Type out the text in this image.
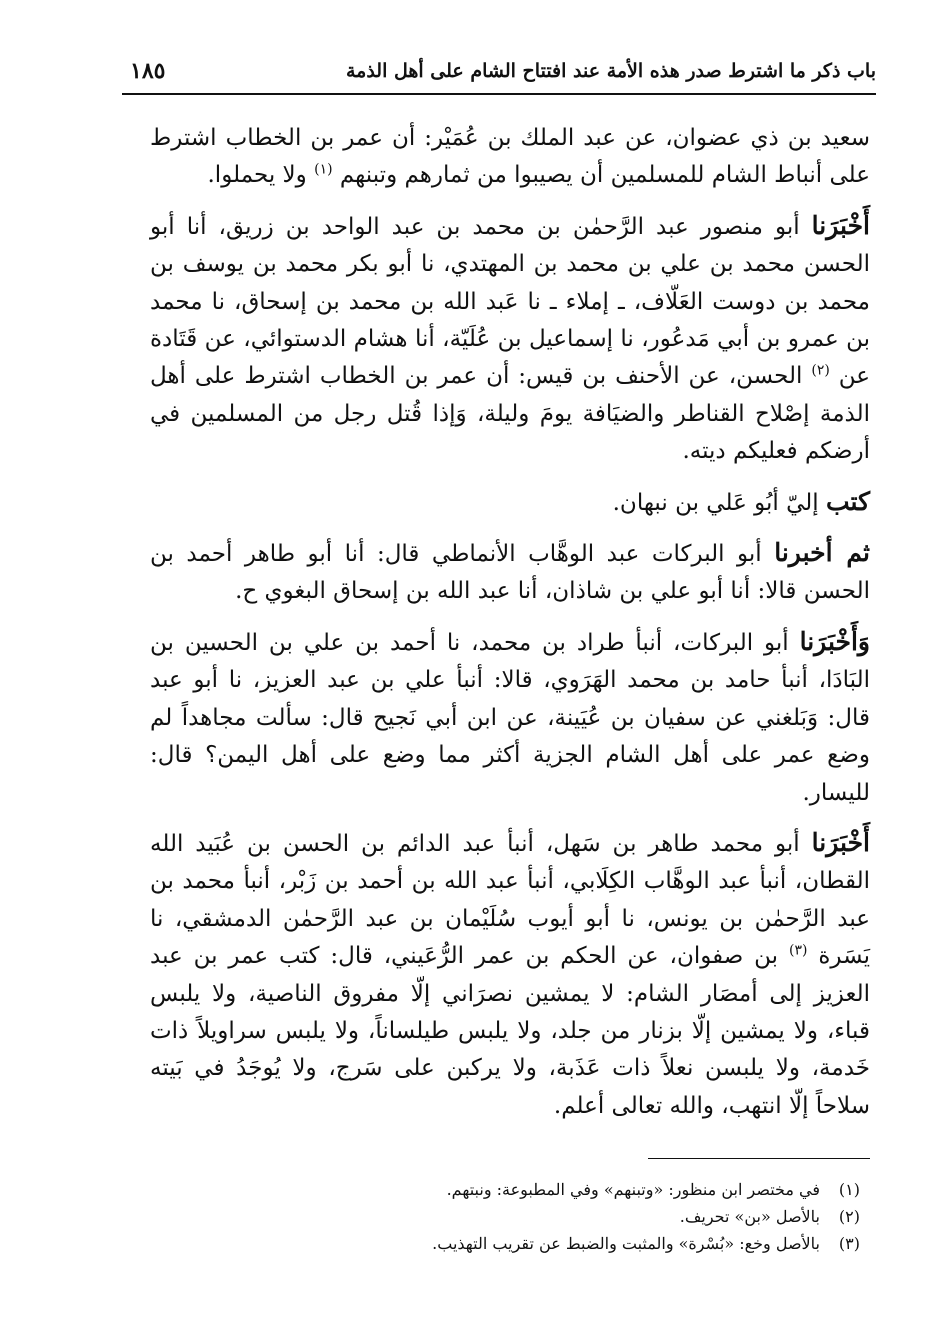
باب ذكر ما اشترط صدر هذه الأمة عند افتتاح الشام على أهل الذمة
١٨٥

سعيد بن ذي عضوان، عن عبد الملك بن عُمَيْر: أن عمر بن الخطاب اشترط على أنباط الشام للمسلمين أن يصيبوا من ثمارهم وتبنهم $^{(١)}$ ولا يحملوا.

أَخْبَرَنا أبو منصور عبد الرَّحمٰن بن محمد بن عبد الواحد بن زريق، أنا أبو الحسن محمد بن علي بن محمد بن المهتدي، نا أبو بكر محمد بن يوسف بن محمد بن دوست العَلّاف، ـ إملاء ـ نا عَبد الله بن محمد بن إسحاق، نا محمد بن عمرو بن أبي مَدعُور، نا إسماعيل بن عُلَيّة، أنا هشام الدستوائي، عن قَتَادة عن $^{(٢)}$ الحسن، عن الأحنف بن قيس: أن عمر بن الخطاب اشترط على أهل الذمة إصْلاح القناطر والضيَافة يومَ وليلة، وَإذا قُتل رجل من المسلمين في أرضكم فعليكم ديته.

كتب إليّ أبُو عَلي بن نبهان.

ثم أخبرنا أبو البركات عبد الوهَّاب الأنماطي قال: أنا أبو طاهر أحمد بن الحسن قالا: أنا أبو علي بن شاذان، أنا عبد الله بن إسحاق البغوي ح.

وَأَخْبَرَنا أبو البركات، أنبأ طراد بن محمد، نا أحمد بن علي بن الحسين بن البَادَا، أنبأ حامد بن محمد الهَرَوي، قالا: أنبأ علي بن عبد العزيز، نا أبو عبد قال: وَبَلغني عن سفيان بن عُيَينة، عن ابن أبي نَجيح قال: سألت مجاهداً لم وضع عمر على أهل الشام الجزية أكثر مما وضع على أهل اليمن؟ قال: لليسار.

أَخْبَرَنا أبو محمد طاهر بن سَهل، أنبأ عبد الدائم بن الحسن بن عُبَيد الله القطان، أنبأ عبد الوهَّاب الكِلَابي، أنبأ عبد الله بن أحمد بن زَبْر، أنبأ محمد بن عبد الرَّحمٰن بن يونس، نا أبو أيوب سُلَيْمان بن عبد الرَّحمٰن الدمشقي، نا يَسَرة $^{(٣)}$ بن صفوان، عن الحكم بن عمر الرُّعَيني، قال: كتب عمر بن عبد العزيز إلى أمصَار الشام: لا يمشين نصرَاني إلّا مفروق الناصية، ولا يلبس قباء، ولا يمشين إلّا بزنار من جلد، ولا يلبس طيلساناً، ولا يلبس سراويلاً ذات خَدمة، ولا يلبسن نعلاً ذات عَذَبة، ولا يركبن على سَرج، ولا يُوجَدُ في بَيته سلاحاً إلّا انتهب، والله تعالى أعلم.

(١)في مختصر ابن منظور: «وتبنهم» وفي المطبوعة: ونبتهم.
(٢)بالأصل «بن» تحريف.
(٣)بالأصل وخع: «بُسْرة» والمثبت والضبط عن تقريب التهذيب.
